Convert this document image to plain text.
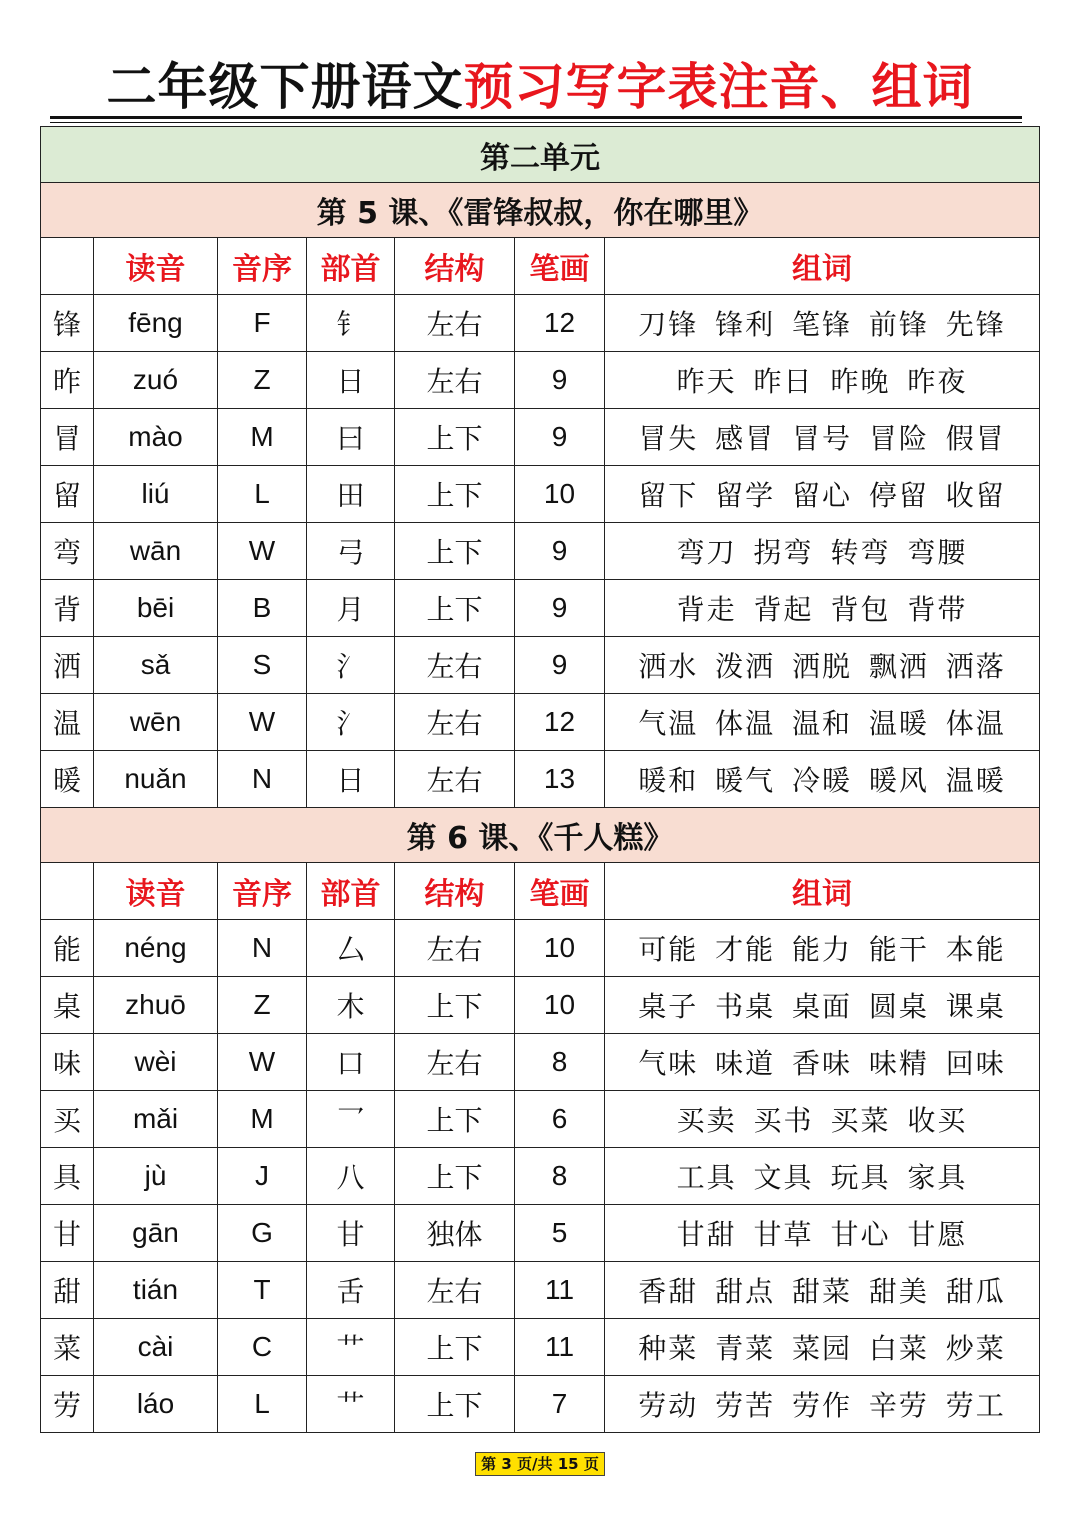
二年级下册语文预习写字表注音、组词
第二单元						
第 5 课、《雷锋叔叔，你在哪里》						
	读音	音序	部首	结构	笔画	组词
锋	fēng	F	钅	左右	12	刀锋 锋利 笔锋 前锋 先锋
昨	zuó	Z	日	左右	9	昨天 昨日 昨晚 昨夜
冒	mào	M	曰	上下	9	冒失 感冒 冒号 冒险 假冒
留	liú	L	田	上下	10	留下 留学 留心 停留 收留
弯	wān	W	弓	上下	9	弯刀 拐弯 转弯 弯腰
背	bēi	B	月	上下	9	背走 背起 背包 背带
洒	sǎ	S	氵	左右	9	洒水 泼洒 洒脱 飘洒 洒落
温	wēn	W	氵	左右	12	气温 体温 温和 温暖 体温
暖	nuǎn	N	日	左右	13	暖和 暖气 冷暖 暖风 温暖
第 6 课、《千人糕》						
	读音	音序	部首	结构	笔画	组词
能	néng	N	厶	左右	10	可能 才能 能力 能干 本能
桌	zhuō	Z	木	上下	10	桌子 书桌 桌面 圆桌 课桌
味	wèi	W	口	左右	8	气味 味道 香味 味精 回味
买	mǎi	M	乛	上下	6	买卖 买书 买菜 收买
具	jù	J	八	上下	8	工具 文具 玩具 家具
甘	gān	G	甘	独体	5	甘甜 甘草 甘心 甘愿
甜	tián	T	舌	左右	11	香甜 甜点 甜菜 甜美 甜瓜
菜	cài	C	艹	上下	11	种菜 青菜 菜园 白菜 炒菜
劳	láo	L	艹	上下	7	劳动 劳苦 劳作 辛劳 劳工
第 3 页/共 15 页
